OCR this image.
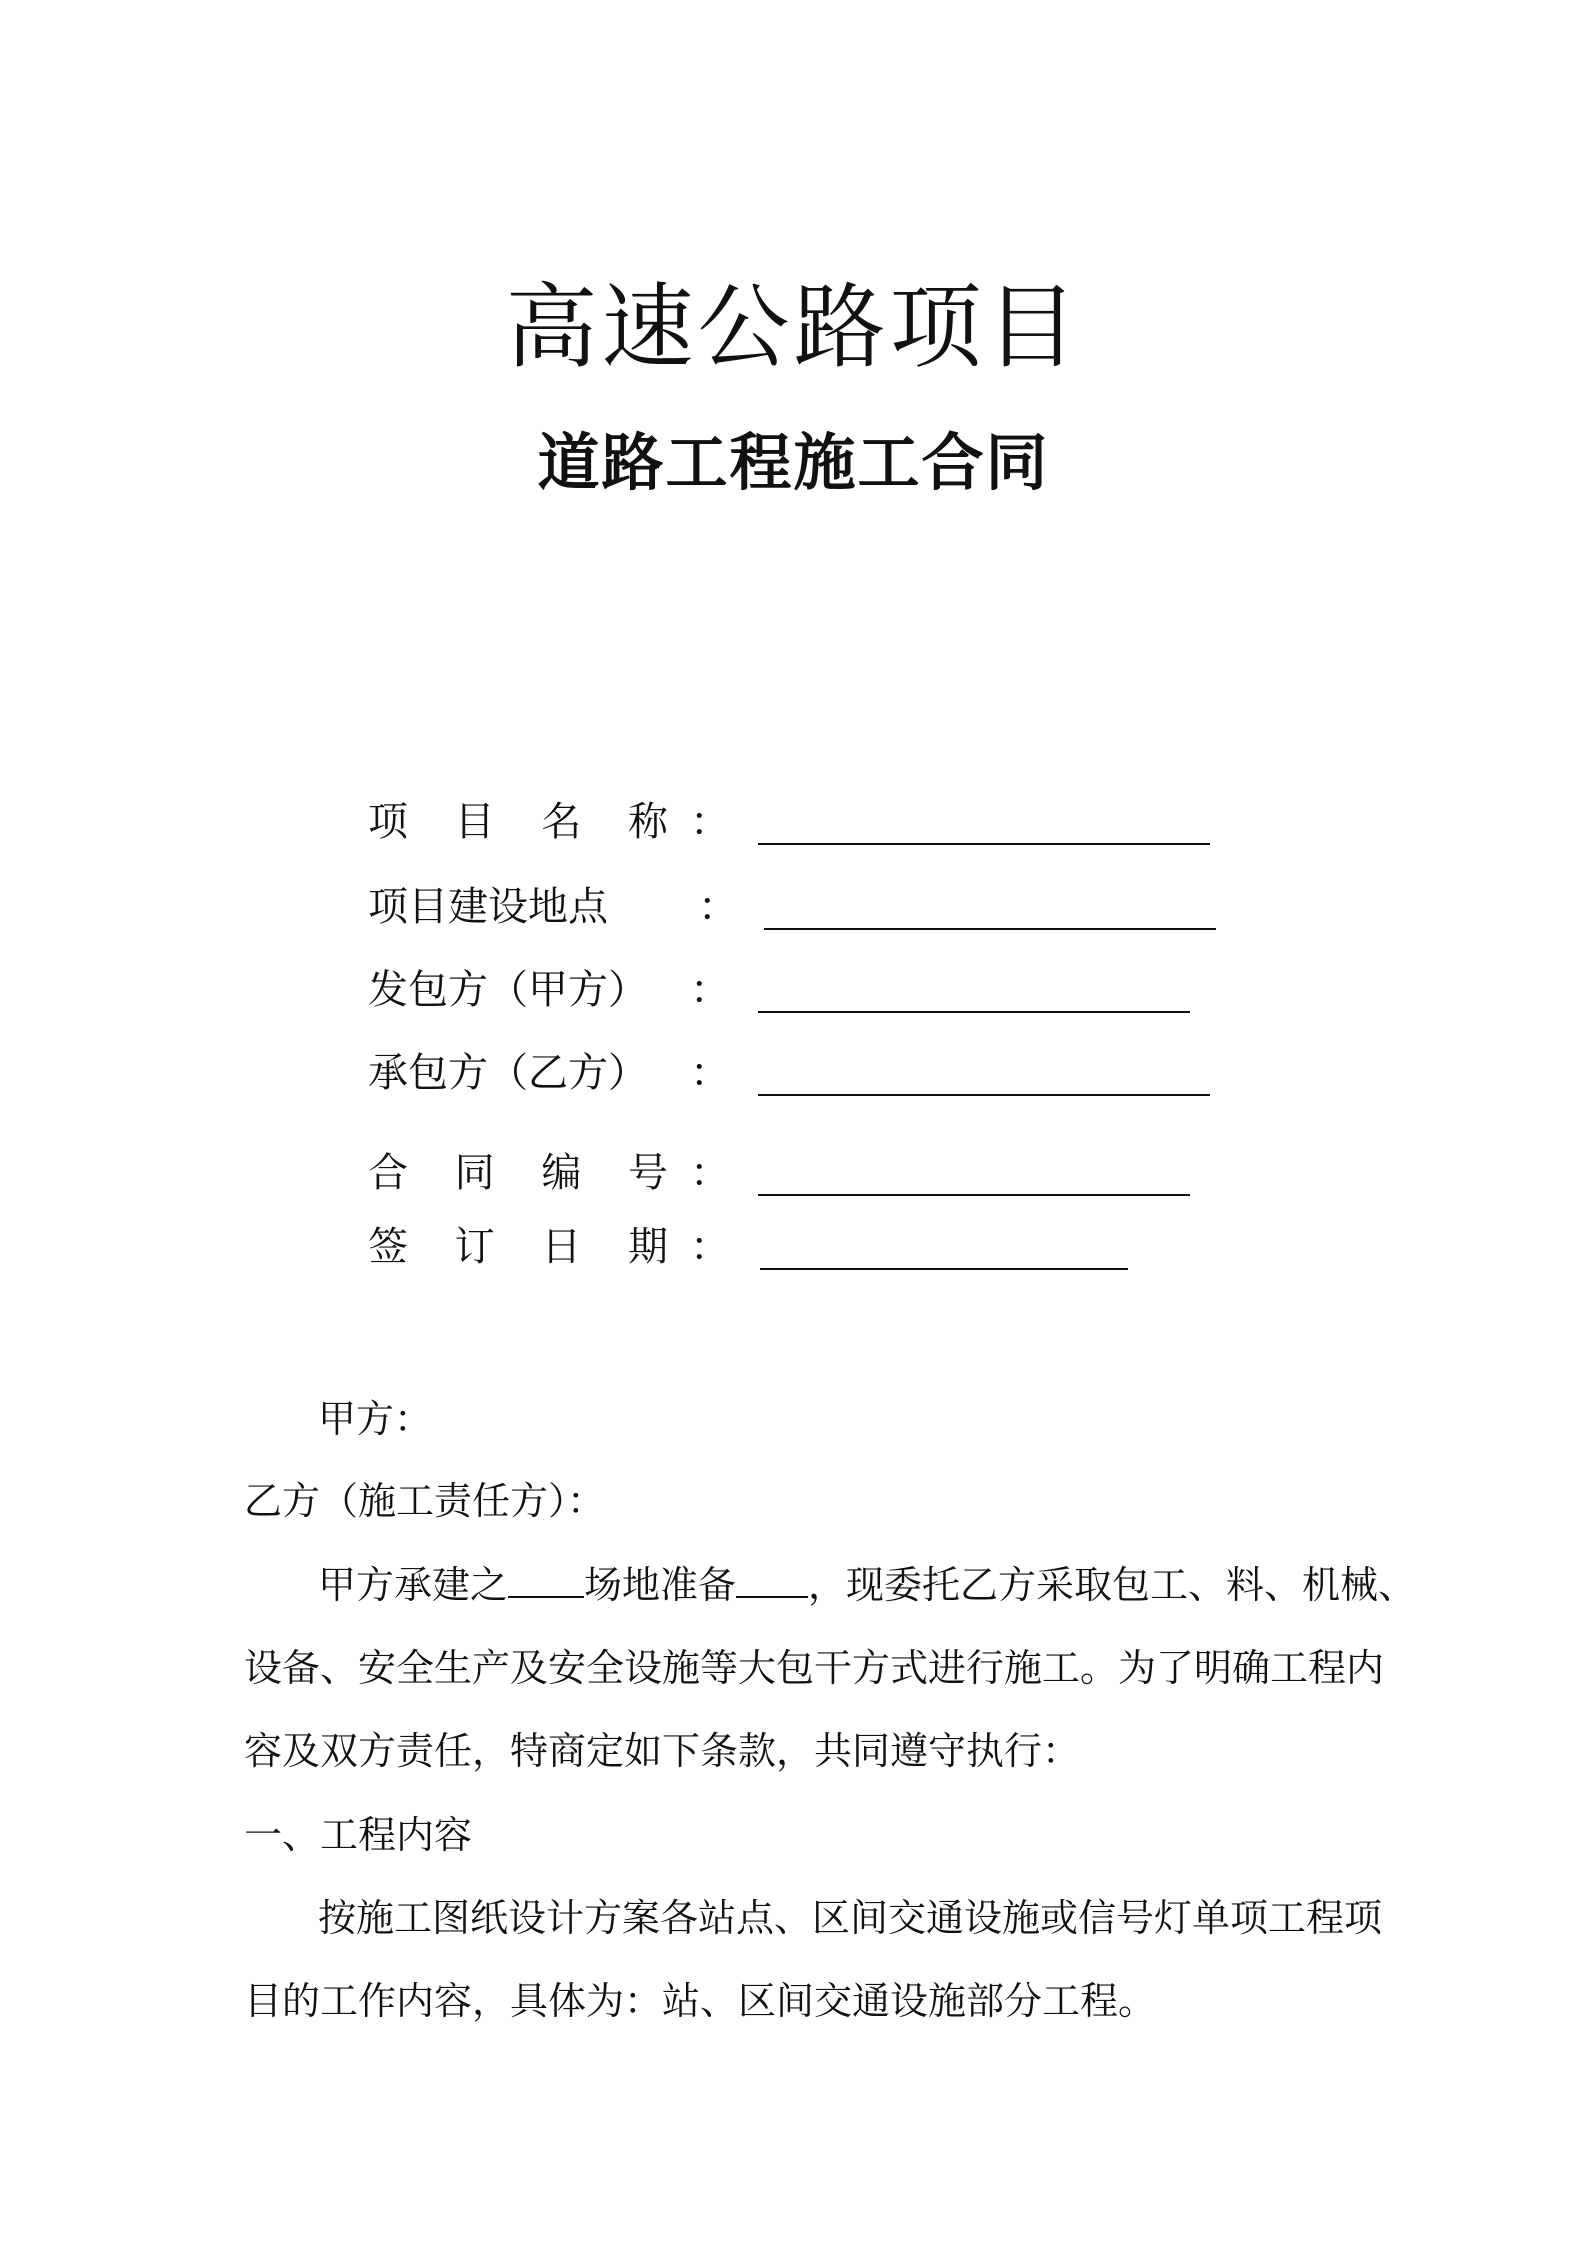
高速公路项目
道路工程施工合同
项 目 名 称 ：
项目建设地点 ：
发包方（甲方） ：
承包方（乙方） ：
合 同 编 号 ：
签 订 日 期 ：
甲方：
乙方（施工责任方）：
甲方承建之 场地准备 ，现委托乙方采取包工、料、机械、
设备、安全生产及安全设施等大包干方式进行施工。为了明确工程内
容及双方责任，特商定如下条款，共同遵守执行：
一、工程内容
按施工图纸设计方案各站点、区间交通设施或信号灯单项工程项
目的工作内容，具体为：站、区间交通设施部分工程。
